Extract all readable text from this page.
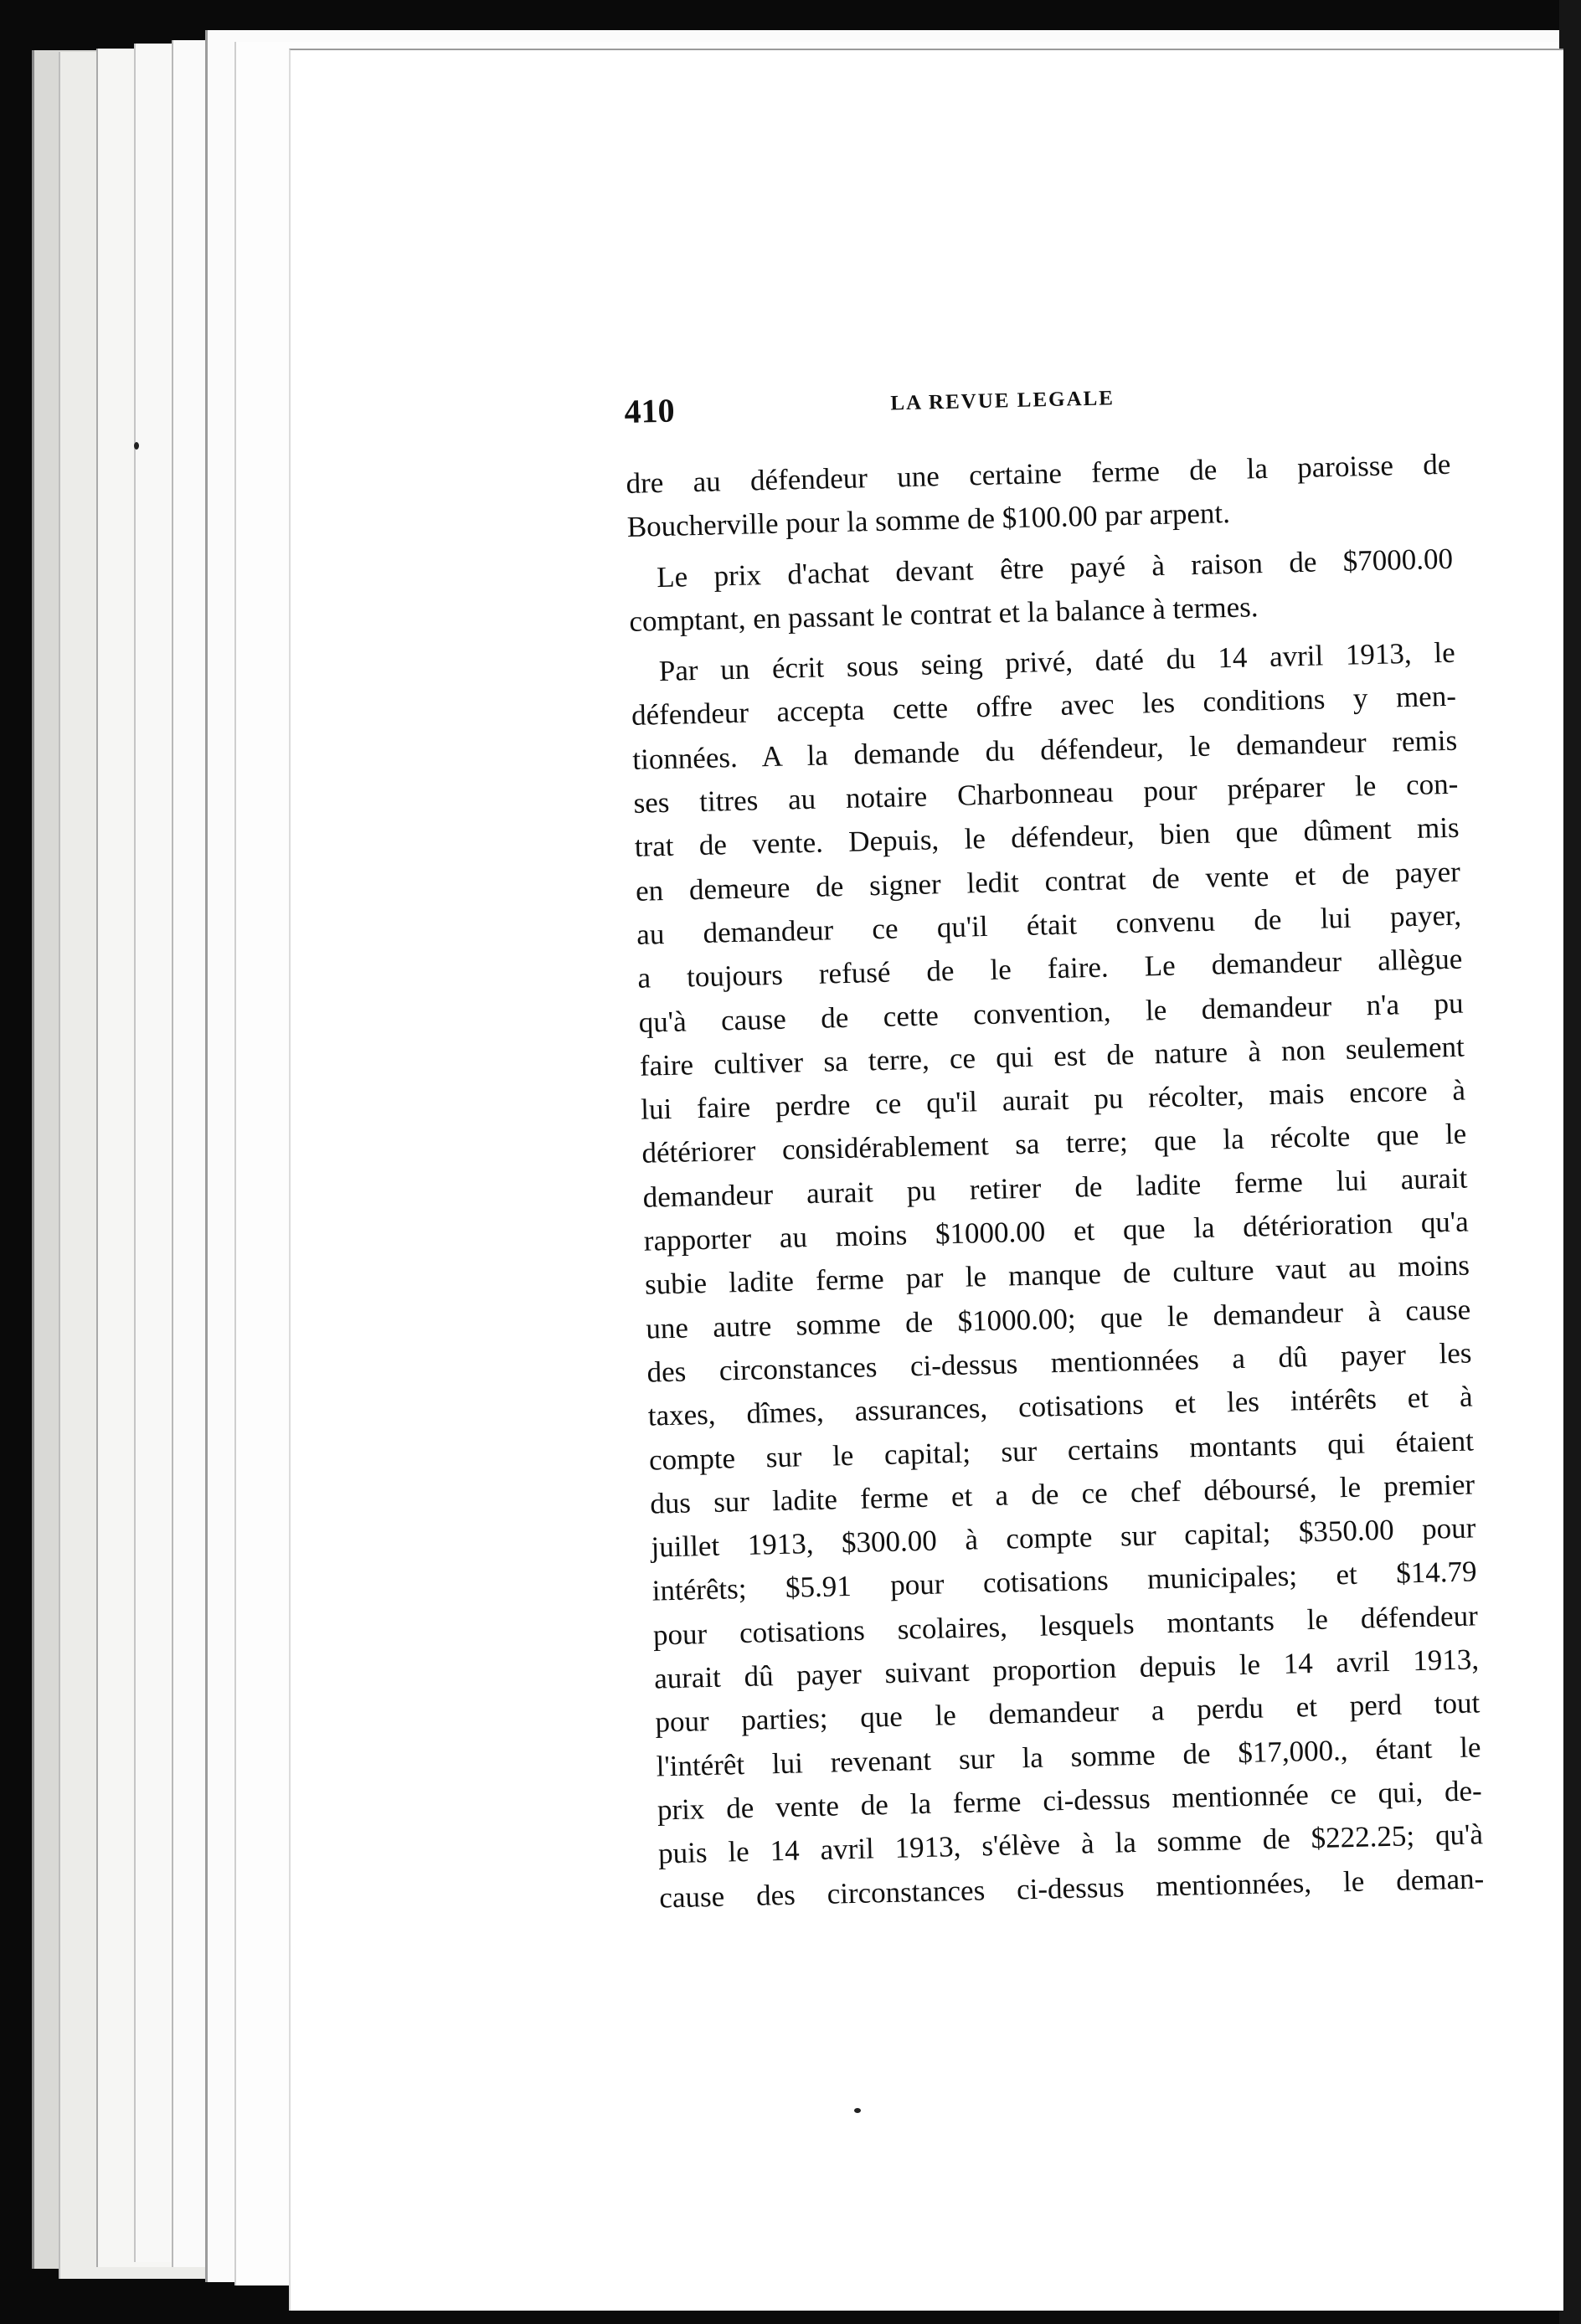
410	LA REVUE LEGALE
dre au défendeur une certaine ferme de la paroisse de
Boucherville pour la somme de $100.00 par arpent.
Le prix d'achat devant être payé à raison de $7000.00
comptant, en passant le contrat et la balance à termes.
Par un écrit sous seing privé, daté du 14 avril 1913, le
défendeur accepta cette offre avec les conditions y men-
tionnées. A la demande du défendeur, le demandeur remis
ses titres au notaire Charbonneau pour préparer le con-
trat de vente. Depuis, le défendeur, bien que dûment mis
en demeure de signer ledit contrat de vente et de payer
au demandeur ce qu'il était convenu de lui payer,
a toujours refusé de le faire. Le demandeur allègue
qu'à cause de cette convention, le demandeur n'a pu
faire cultiver sa terre, ce qui est de nature à non seulement
lui faire perdre ce qu'il aurait pu récolter, mais encore à
détériorer considérablement sa terre; que la récolte que le
demandeur aurait pu retirer de ladite ferme lui aurait
rapporter au moins $1000.00 et que la détérioration qu'a
subie ladite ferme par le manque de culture vaut au moins
une autre somme de $1000.00; que le demandeur à cause
des circonstances ci-dessus mentionnées a dû payer les
taxes, dîmes, assurances, cotisations et les intérêts et à
compte sur le capital; sur certains montants qui étaient
dus sur ladite ferme et a de ce chef déboursé, le premier
juillet 1913, $300.00 à compte sur capital; $350.00 pour
intérêts; $5.91 pour cotisations municipales; et $14.79
pour cotisations scolaires, lesquels montants le défendeur
aurait dû payer suivant proportion depuis le 14 avril 1913,
pour parties; que le demandeur a perdu et perd tout
l'intérêt lui revenant sur la somme de $17,000., étant le
prix de vente de la ferme ci-dessus mentionnée ce qui, de-
puis le 14 avril 1913, s'élève à la somme de $222.25; qu'à
cause des circonstances ci-dessus mentionnées, le deman-
